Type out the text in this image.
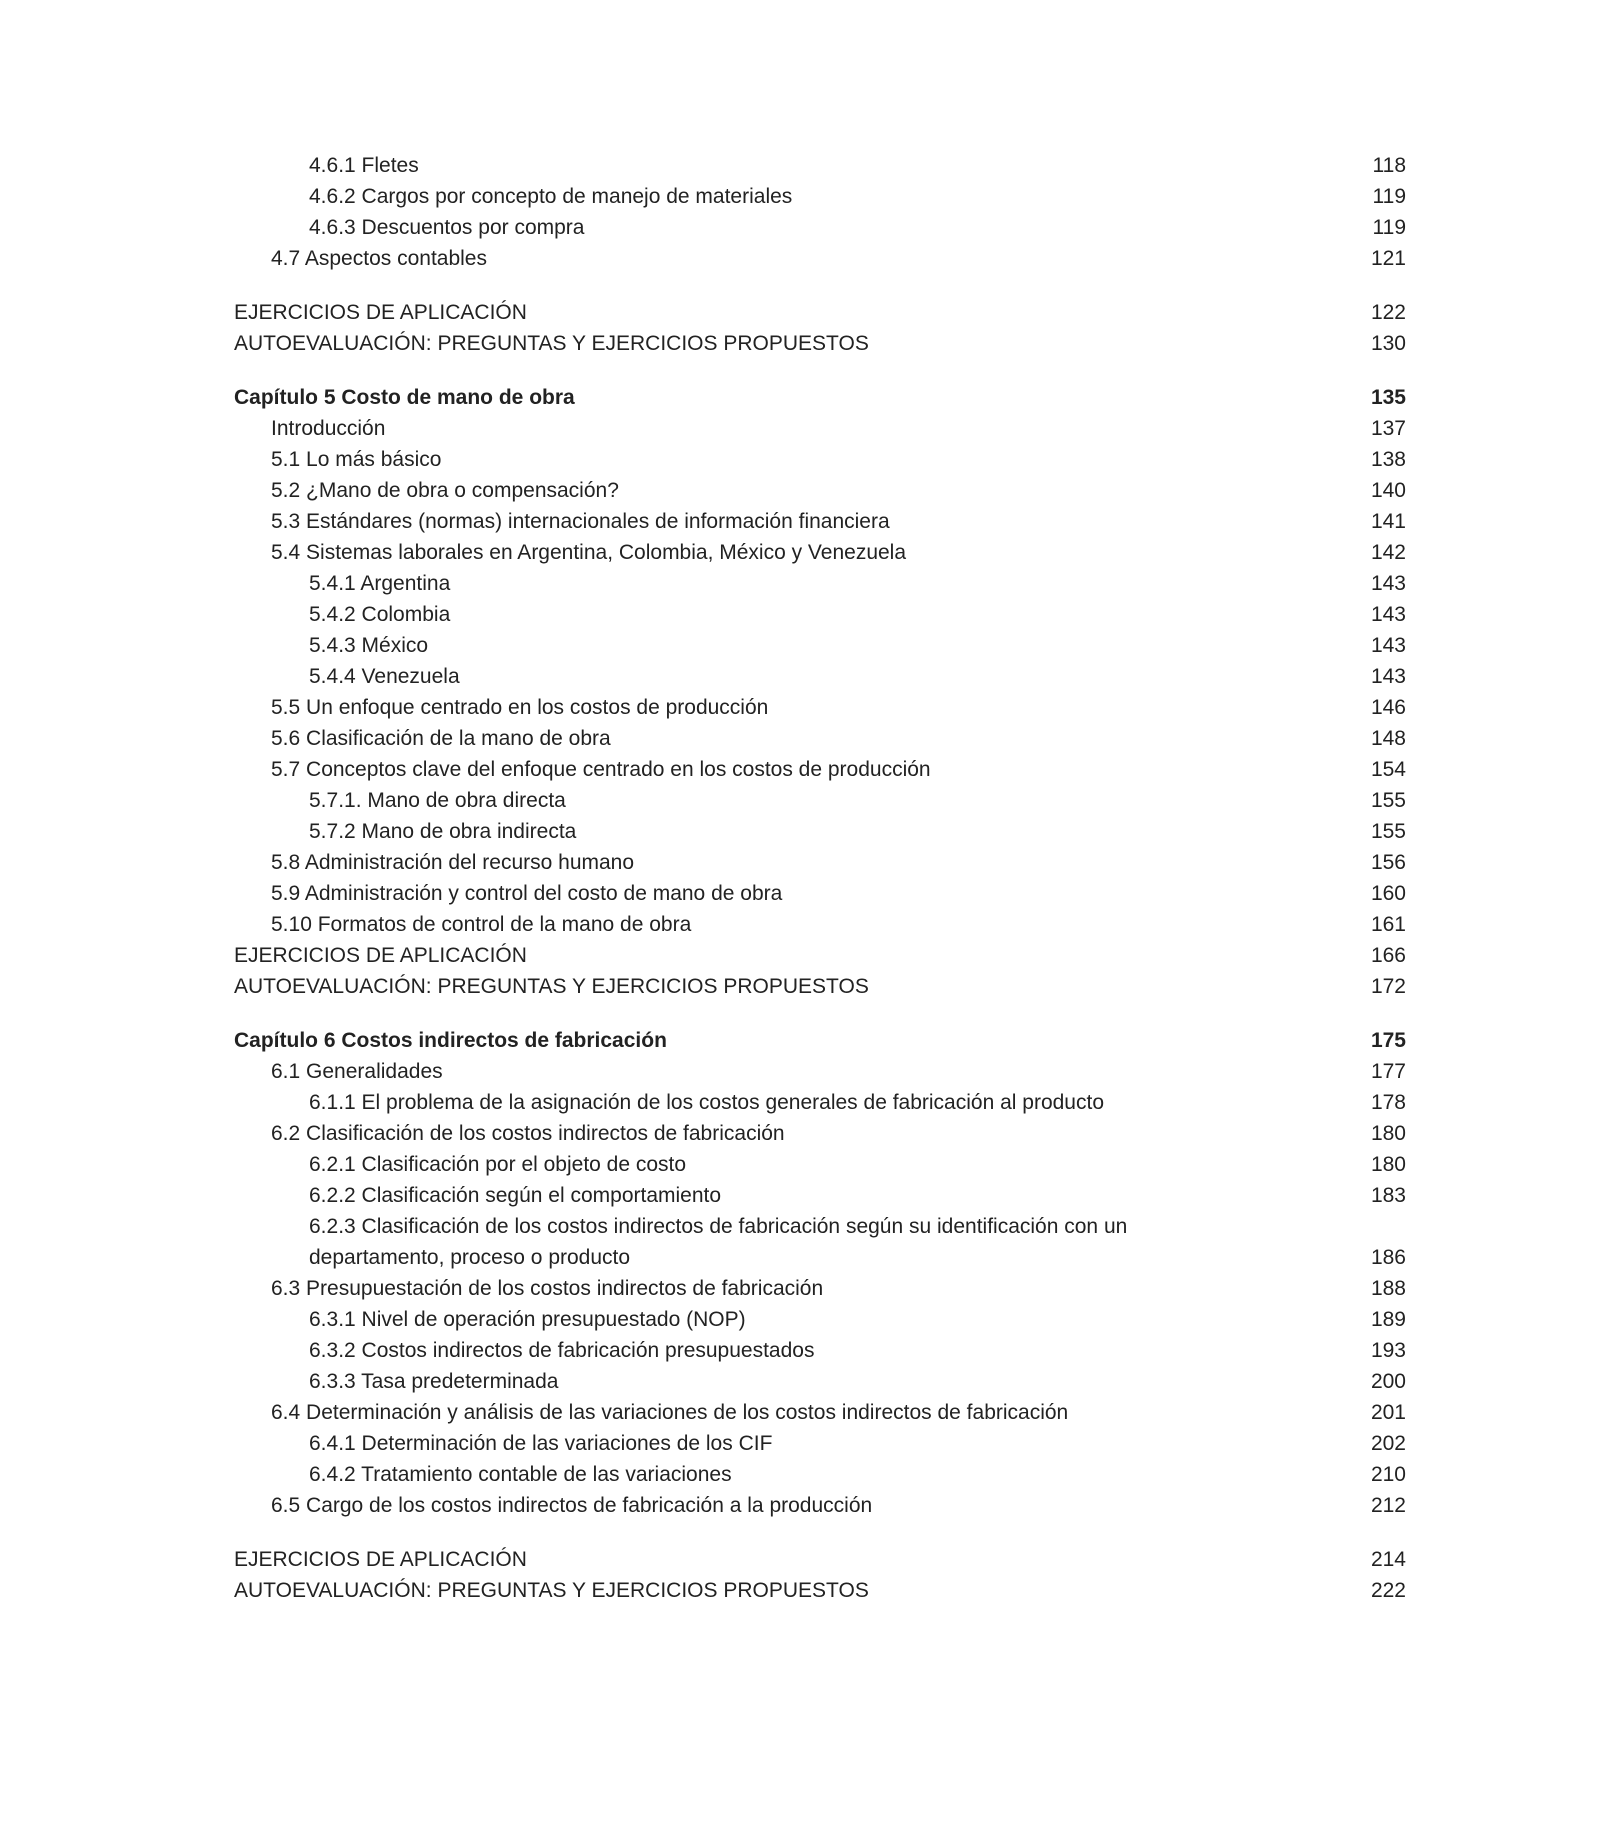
4.6.1 Fletes	118
4.6.2 Cargos por concepto de manejo de materiales	119
4.6.3 Descuentos por compra	119
4.7 Aspectos contables	121
EJERCICIOS DE APLICACIÓN	122
AUTOEVALUACIÓN: PREGUNTAS Y EJERCICIOS PROPUESTOS	130
Capítulo 5 Costo de mano de obra	135
Introducción	137
5.1 Lo más básico	138
5.2 ¿Mano de obra o compensación?	140
5.3 Estándares (normas) internacionales de información financiera	141
5.4 Sistemas laborales en Argentina, Colombia, México y Venezuela	142
5.4.1 Argentina	143
5.4.2 Colombia	143
5.4.3 México	143
5.4.4 Venezuela	143
5.5 Un enfoque centrado en los costos de producción	146
5.6 Clasificación de la mano de obra	148
5.7 Conceptos clave del enfoque centrado en los costos de producción	154
5.7.1. Mano de obra directa	155
5.7.2 Mano de obra indirecta	155
5.8 Administración del recurso humano	156
5.9 Administración y control del costo de mano de obra	160
5.10 Formatos de control de la mano de obra	161
EJERCICIOS DE APLICACIÓN	166
AUTOEVALUACIÓN: PREGUNTAS Y EJERCICIOS PROPUESTOS	172
Capítulo 6 Costos indirectos de fabricación	175
6.1 Generalidades	177
6.1.1 El problema de la asignación de los costos generales de fabricación al producto	178
6.2 Clasificación de los costos indirectos de fabricación	180
6.2.1 Clasificación por el objeto de costo	180
6.2.2 Clasificación según el comportamiento	183
6.2.3 Clasificación de los costos indirectos de fabricación según su identificación con un departamento, proceso o producto	186
6.3 Presupuestación de los costos indirectos de fabricación	188
6.3.1 Nivel de operación presupuestado (NOP)	189
6.3.2 Costos indirectos de fabricación presupuestados	193
6.3.3 Tasa predeterminada	200
6.4 Determinación y análisis de las variaciones de los costos indirectos de fabricación	201
6.4.1 Determinación de las variaciones de los CIF	202
6.4.2 Tratamiento contable de las variaciones	210
6.5 Cargo de los costos indirectos de fabricación a la producción	212
EJERCICIOS DE APLICACIÓN	214
AUTOEVALUACIÓN: PREGUNTAS Y EJERCICIOS PROPUESTOS	222
